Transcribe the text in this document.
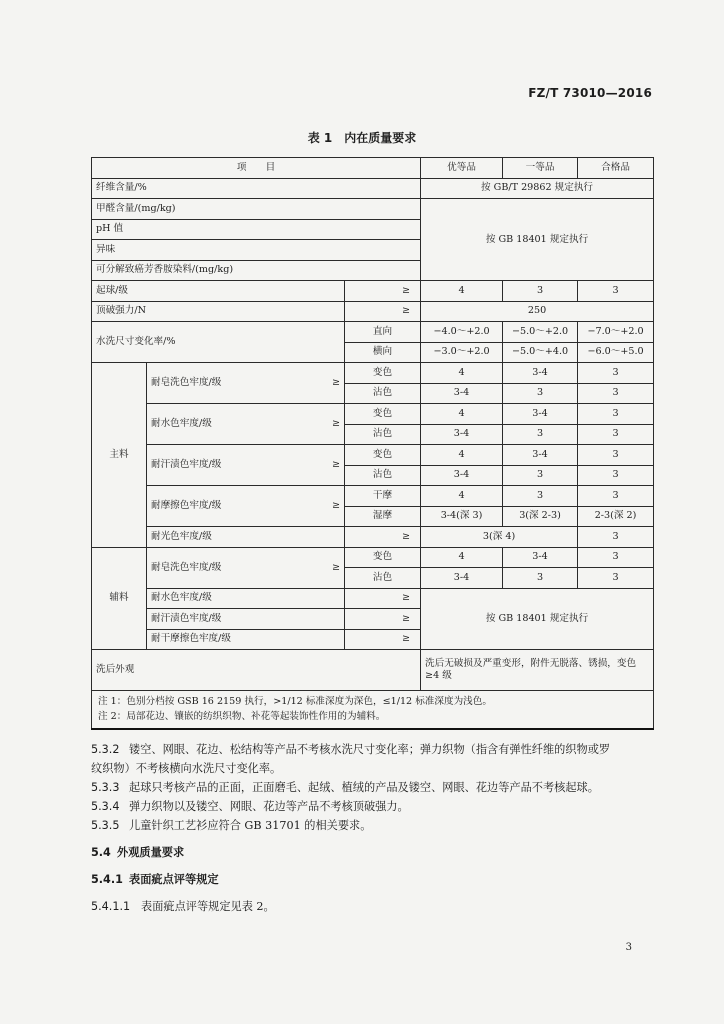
FZ/T 73010—2016
表 1　内在质量要求
项　　目			优等品	一等品	合格品
纤维含量/%			按 GB/T 29862 规定执行		
甲醛含量/(mg/kg)			按 GB 18401 规定执行		
pH 值					
异味					
可分解致癌芳香胺染料/(mg/kg)					
起球/级		≥	4	3	3
顶破强力/N		≥	250		
水洗尺寸变化率/%		直向	−4.0～+2.0	−5.0～+2.0	−7.0～+2.0
		横向	−3.0～+2.0	−5.0～+4.0	−6.0～+5.0
主料	耐皂洗色牢度/级 ≥	变色	4	3-4	3
		沾色	3-4	3	3
	耐水色牢度/级 ≥	变色	4	3-4	3
		沾色	3-4	3	3
	耐汗渍色牢度/级 ≥	变色	4	3-4	3
		沾色	3-4	3	3
	耐摩擦色牢度/级 ≥	干摩	4	3	3
		湿摩	3-4(深 3)	3(深 2-3)	2-3(深 2)
	耐光色牢度/级	≥	3(深 4)		3
辅料	耐皂洗色牢度/级 ≥	变色	4	3-4	3
		沾色	3-4	3	3
	耐水色牢度/级	≥	按 GB 18401 规定执行		
	耐汗渍色牢度/级	≥			
	耐干摩擦色牢度/级	≥			
洗后外观			洗后无破损及严重变形，附件无脱落、锈损，变色≥4 级		

注 1：色别分档按 GSB 16 2159 执行，>1/12 标准深度为深色，≤1/12 标准深度为浅色。
注 2：局部花边、镶嵌的纺织织物、补花等起装饰性作用的为辅料。					

5.3.2 镂空、网眼、花边、松结构等产品不考核水洗尺寸变化率；弹力织物（指含有弹性纤维的织物或罗
纹织物）不考核横向水洗尺寸变化率。

5.3.3 起球只考核产品的正面，正面磨毛、起绒、植绒的产品及镂空、网眼、花边等产品不考核起球。

5.3.4 弹力织物以及镂空、网眼、花边等产品不考核顶破强力。

5.3.5 儿童针织工艺衫应符合 GB 31701 的相关要求。

5.4 外观质量要求

5.4.1 表面疵点评等规定

5.4.1.1 表面疵点评等规定见表 2。

3
